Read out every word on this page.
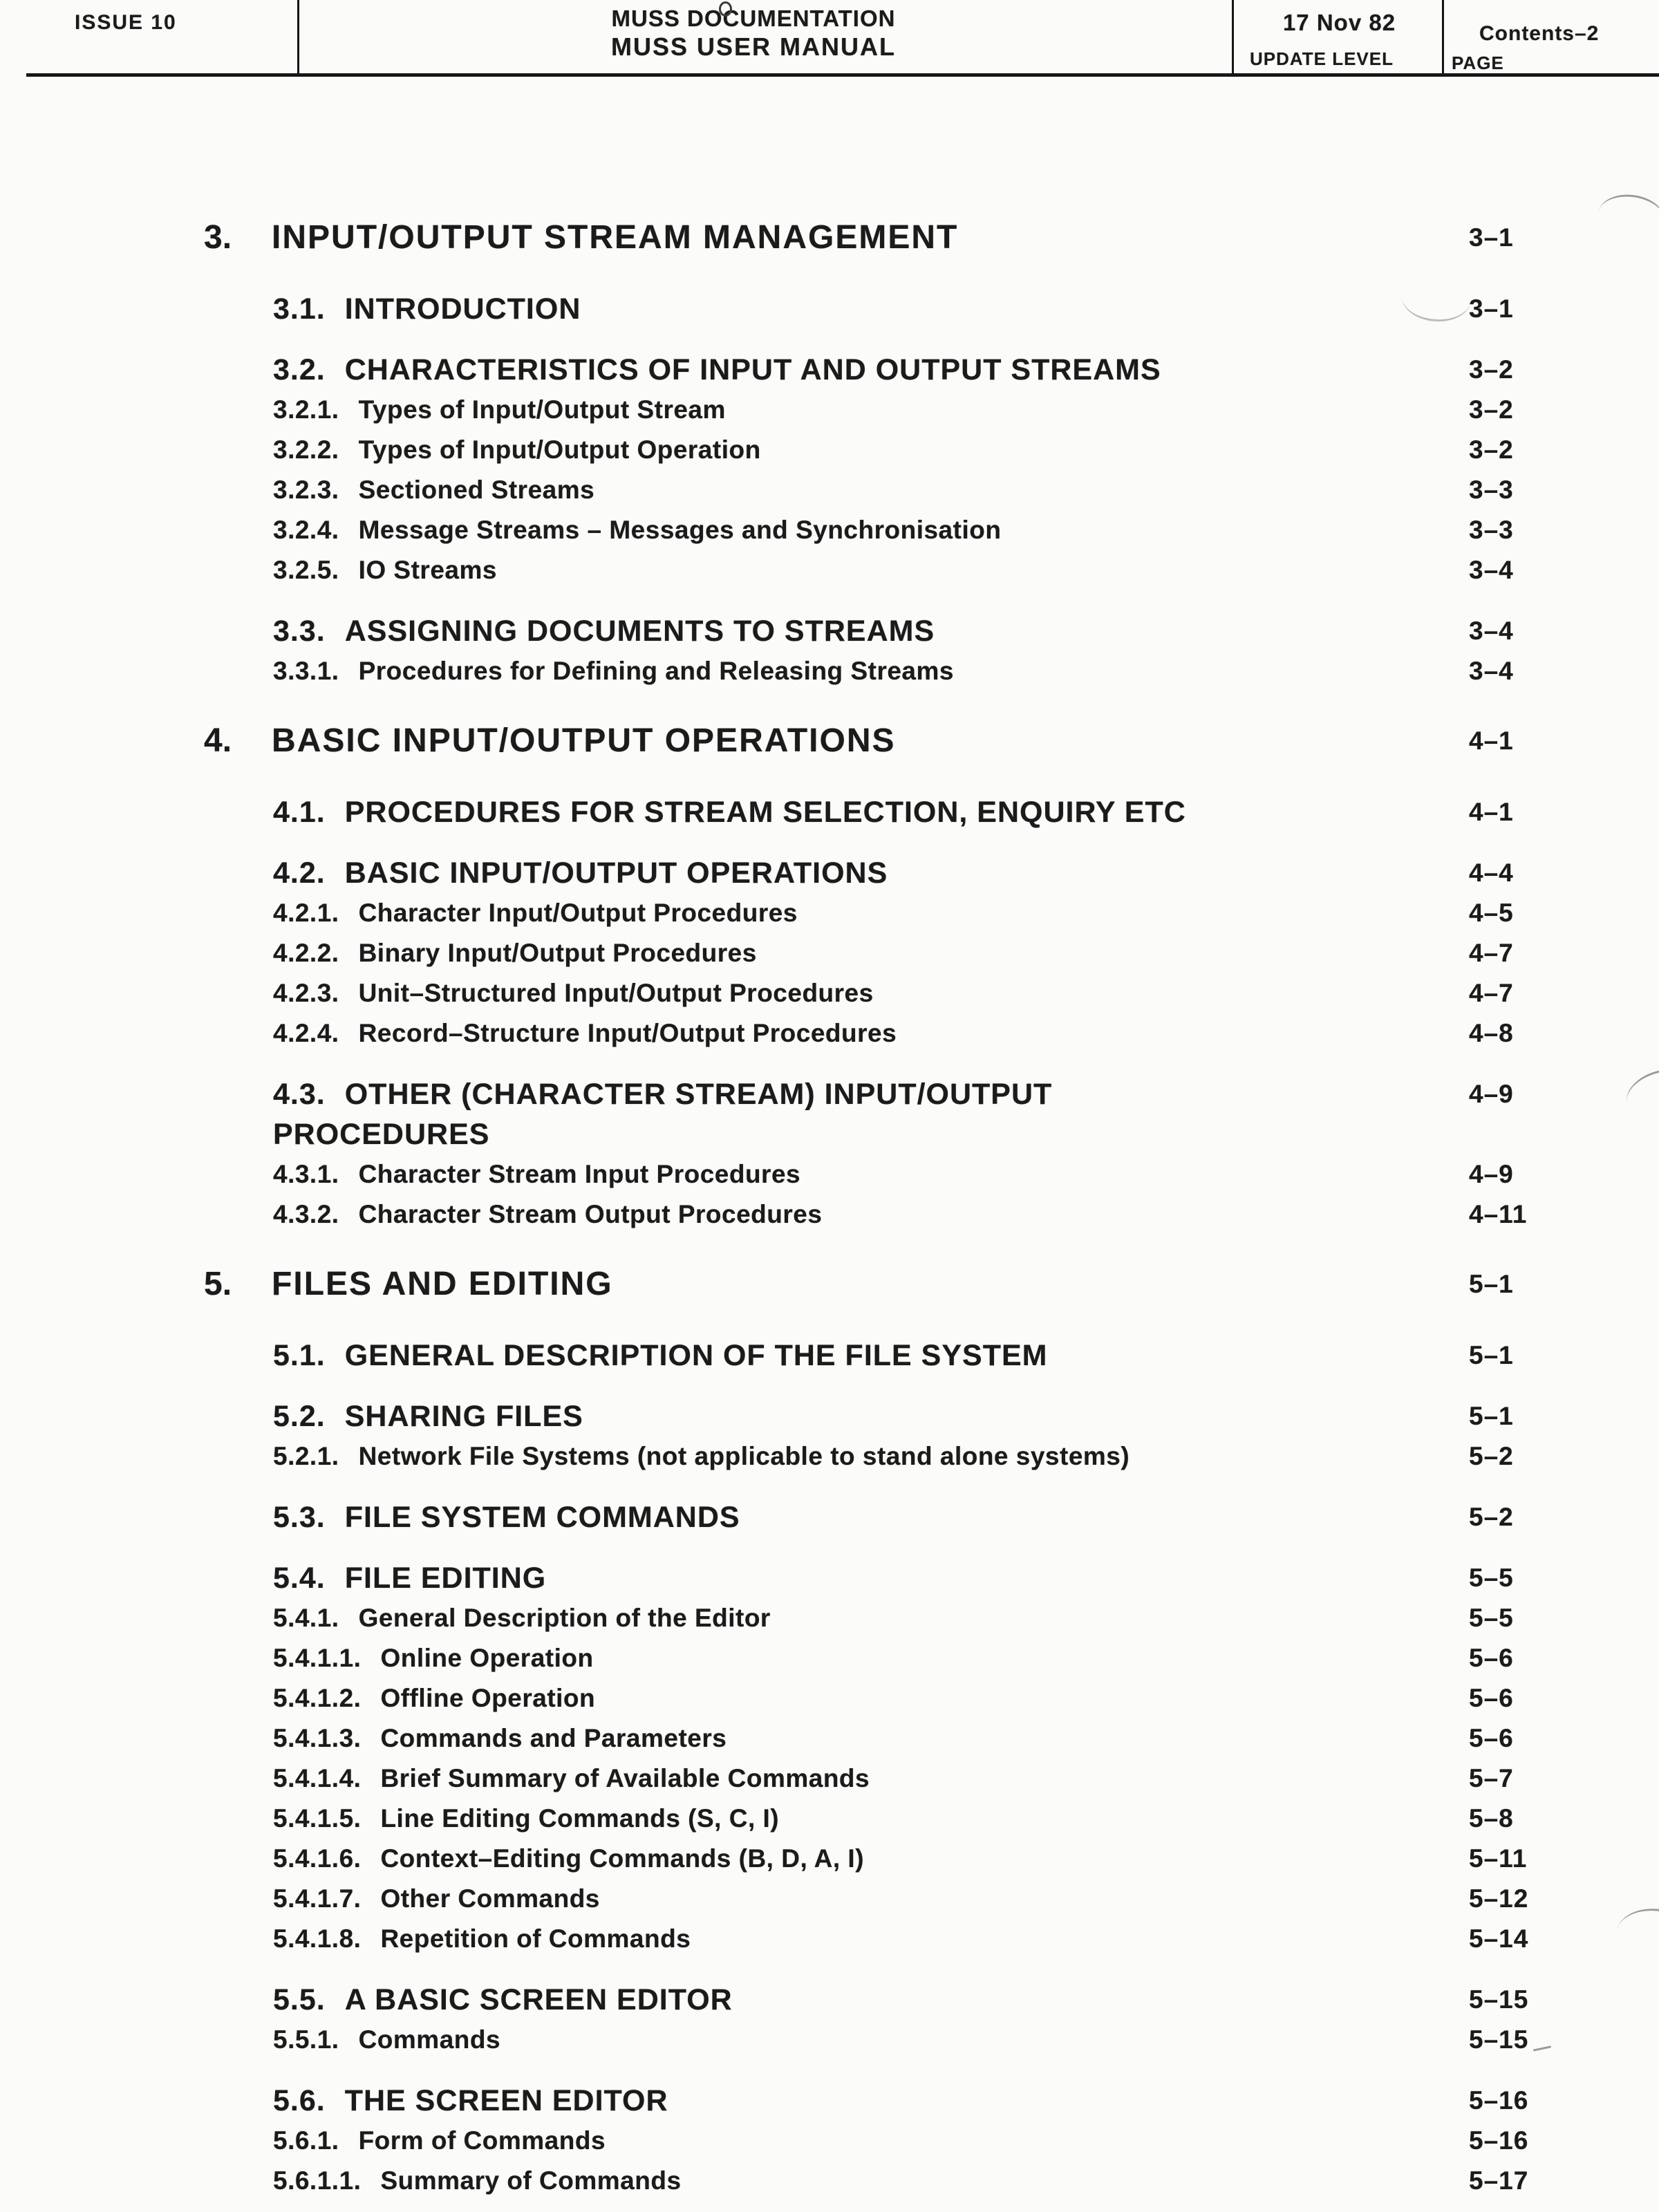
ISSUE 10	MUSS DOCUMENTATION
MUSS USER MANUAL
17 Nov 82
UPDATE LEVEL
Contents–2
PAGE
3. INPUT/OUTPUT STREAM MANAGEMENT	3–1
3.1. INTRODUCTION	3–1
3.2. CHARACTERISTICS OF INPUT AND OUTPUT STREAMS	3–2
3.2.1. Types of Input/Output Stream	3–2
3.2.2. Types of Input/Output Operation	3–2
3.2.3. Sectioned Streams	3–3
3.2.4. Message Streams – Messages and Synchronisation	3–3
3.2.5. IO Streams	3–4
3.3. ASSIGNING DOCUMENTS TO STREAMS	3–4
3.3.1. Procedures for Defining and Releasing Streams	3–4
4. BASIC INPUT/OUTPUT OPERATIONS	4–1
4.1. PROCEDURES FOR STREAM SELECTION, ENQUIRY ETC	4–1
4.2. BASIC INPUT/OUTPUT OPERATIONS	4–4
4.2.1. Character Input/Output Procedures	4–5
4.2.2. Binary Input/Output Procedures	4–7
4.2.3. Unit–Structured Input/Output Procedures	4–7
4.2.4. Record–Structure Input/Output Procedures	4–8
4.3. OTHER (CHARACTER STREAM) INPUT/OUTPUT	4–9
PROCEDURES
4.3.1. Character Stream Input Procedures	4–9
4.3.2. Character Stream Output Procedures	4–11
5. FILES AND EDITING	5–1
5.1. GENERAL DESCRIPTION OF THE FILE SYSTEM	5–1
5.2. SHARING FILES	5–1
5.2.1. Network File Systems (not applicable to stand alone systems)	5–2
5.3. FILE SYSTEM COMMANDS	5–2
5.4. FILE EDITING	5–5
5.4.1. General Description of the Editor	5–5
5.4.1.1. Online Operation	5–6
5.4.1.2. Offline Operation	5–6
5.4.1.3. Commands and Parameters	5–6
5.4.1.4. Brief Summary of Available Commands	5–7
5.4.1.5. Line Editing Commands (S, C, I)	5–8
5.4.1.6. Context–Editing Commands (B, D, A, I)	5–11
5.4.1.7. Other Commands	5–12
5.4.1.8. Repetition of Commands	5–14
5.5. A BASIC SCREEN EDITOR	5–15
5.5.1. Commands	5–15
5.6. THE SCREEN EDITOR	5–16
5.6.1. Form of Commands	5–16
5.6.1.1. Summary of Commands	5–17
